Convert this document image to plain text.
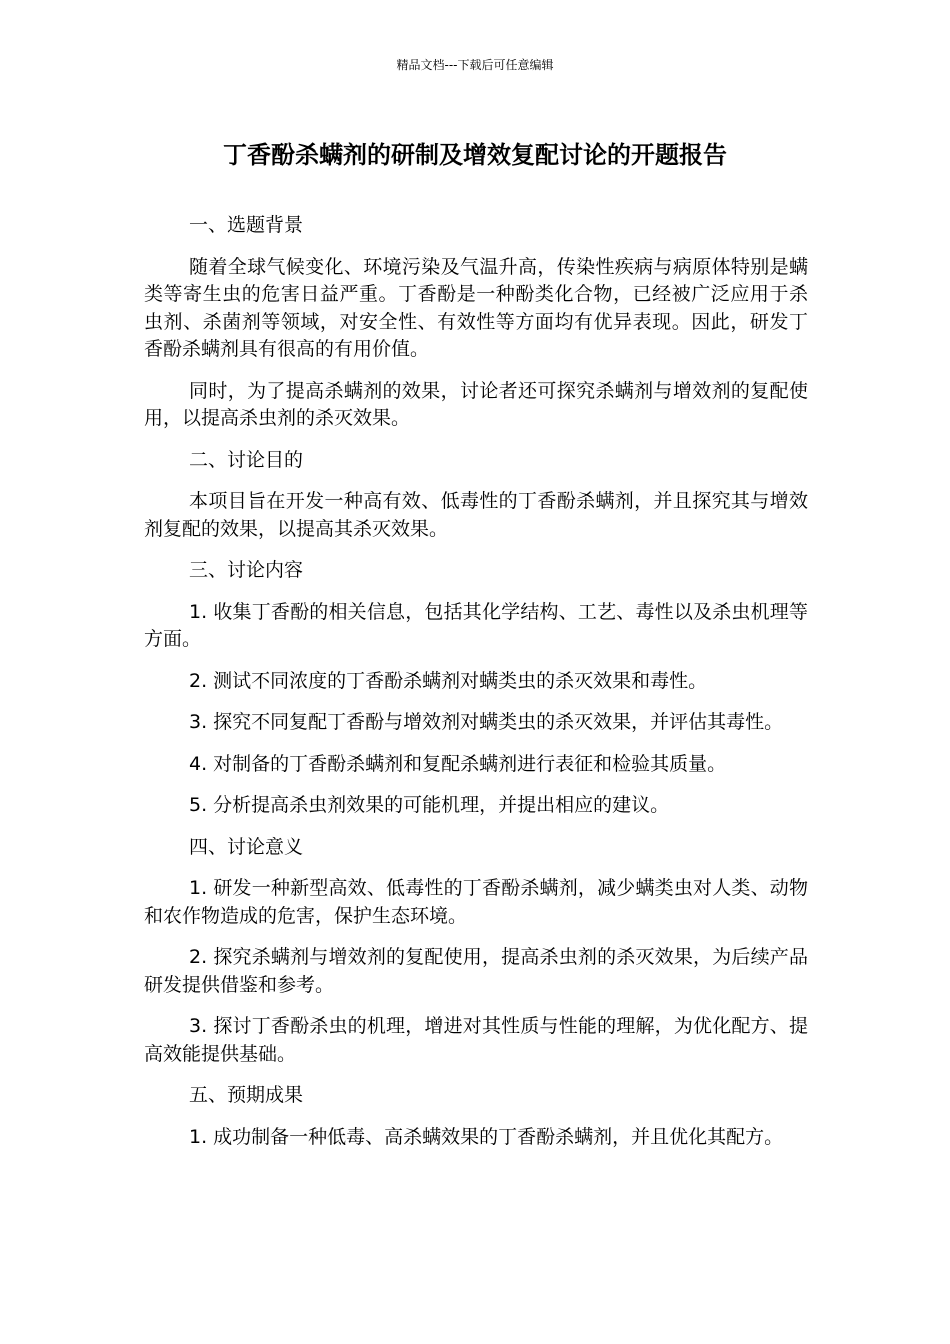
精品文档---下载后可任意编辑
丁香酚杀螨剂的研制及增效复配讨论的开题报告

一、选题背景

随着全球气候变化、环境污染及气温升高，传染性疾病与病原体特别是螨类等寄生虫的危害日益严重。丁香酚是一种酚类化合物，已经被广泛应用于杀虫剂、杀菌剂等领域，对安全性、有效性等方面均有优异表现。因此，研发丁香酚杀螨剂具有很高的有用价值。

同时，为了提高杀螨剂的效果，讨论者还可探究杀螨剂与增效剂的复配使用，以提高杀虫剂的杀灭效果。

二、讨论目的

本项目旨在开发一种高有效、低毒性的丁香酚杀螨剂，并且探究其与增效剂复配的效果，以提高其杀灭效果。

三、讨论内容

1. 收集丁香酚的相关信息，包括其化学结构、工艺、毒性以及杀虫机理等方面。

2. 测试不同浓度的丁香酚杀螨剂对螨类虫的杀灭效果和毒性。

3. 探究不同复配丁香酚与增效剂对螨类虫的杀灭效果，并评估其毒性。

4. 对制备的丁香酚杀螨剂和复配杀螨剂进行表征和检验其质量。

5. 分析提高杀虫剂效果的可能机理，并提出相应的建议。

四、讨论意义

1. 研发一种新型高效、低毒性的丁香酚杀螨剂，减少螨类虫对人类、动物和农作物造成的危害，保护生态环境。

2. 探究杀螨剂与增效剂的复配使用，提高杀虫剂的杀灭效果，为后续产品研发提供借鉴和参考。

3. 探讨丁香酚杀虫的机理，增进对其性质与性能的理解，为优化配方、提高效能提供基础。

五、预期成果

1. 成功制备一种低毒、高杀螨效果的丁香酚杀螨剂，并且优化其配方。
